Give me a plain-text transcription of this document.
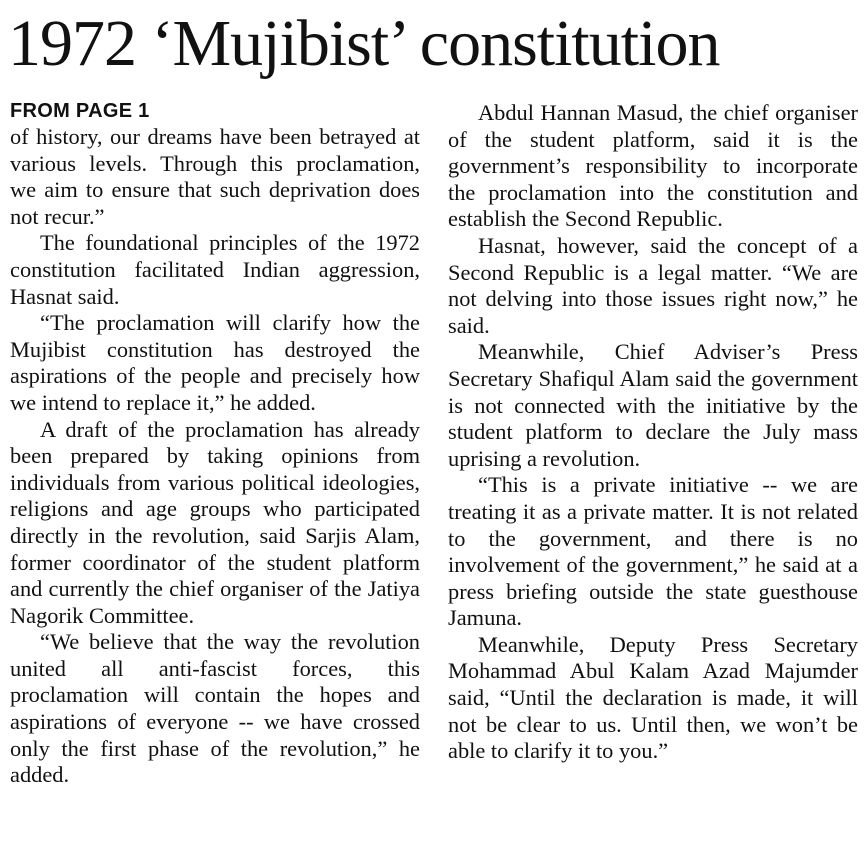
1972 ‘Mujibist’ constitution
FROM PAGE 1

of history, our dreams have been betrayed at various levels. Through this proclamation, we aim to ensure that such deprivation does not recur.”

The foundational principles of the 1972 constitution facilitated Indian aggression, Hasnat said.

“The proclamation will clarify how the Mujibist constitution has destroyed the aspirations of the people and precisely how we intend to replace it,” he added.

A draft of the proclamation has already been prepared by taking opinions from individuals from various political ideologies, religions and age groups who participated directly in the revolution, said Sarjis Alam, former coordinator of the student platform and currently the chief organiser of the Jatiya Nagorik Committee.

“We believe that the way the revolution united all anti-fascist forces, this proclamation will contain the hopes and aspirations of everyone -- we have crossed only the first phase of the revolution,” he added.

Abdul Hannan Masud, the chief organiser of the student platform, said it is the government’s responsibility to incorporate the proclamation into the constitution and establish the Second Republic.

Hasnat, however, said the concept of a Second Republic is a legal matter. “We are not delving into those issues right now,” he said.

Meanwhile, Chief Adviser’s Press Secretary Shafiqul Alam said the government is not connected with the initiative by the student platform to declare the July mass uprising a revolution.

“This is a private initiative -- we are treating it as a private matter. It is not related to the government, and there is no involvement of the government,” he said at a press briefing outside the state guesthouse Jamuna.

Meanwhile, Deputy Press Secretary Mohammad Abul Kalam Azad Majumder said, “Until the declaration is made, it will not be clear to us. Until then, we won’t be able to clarify it to you.”
